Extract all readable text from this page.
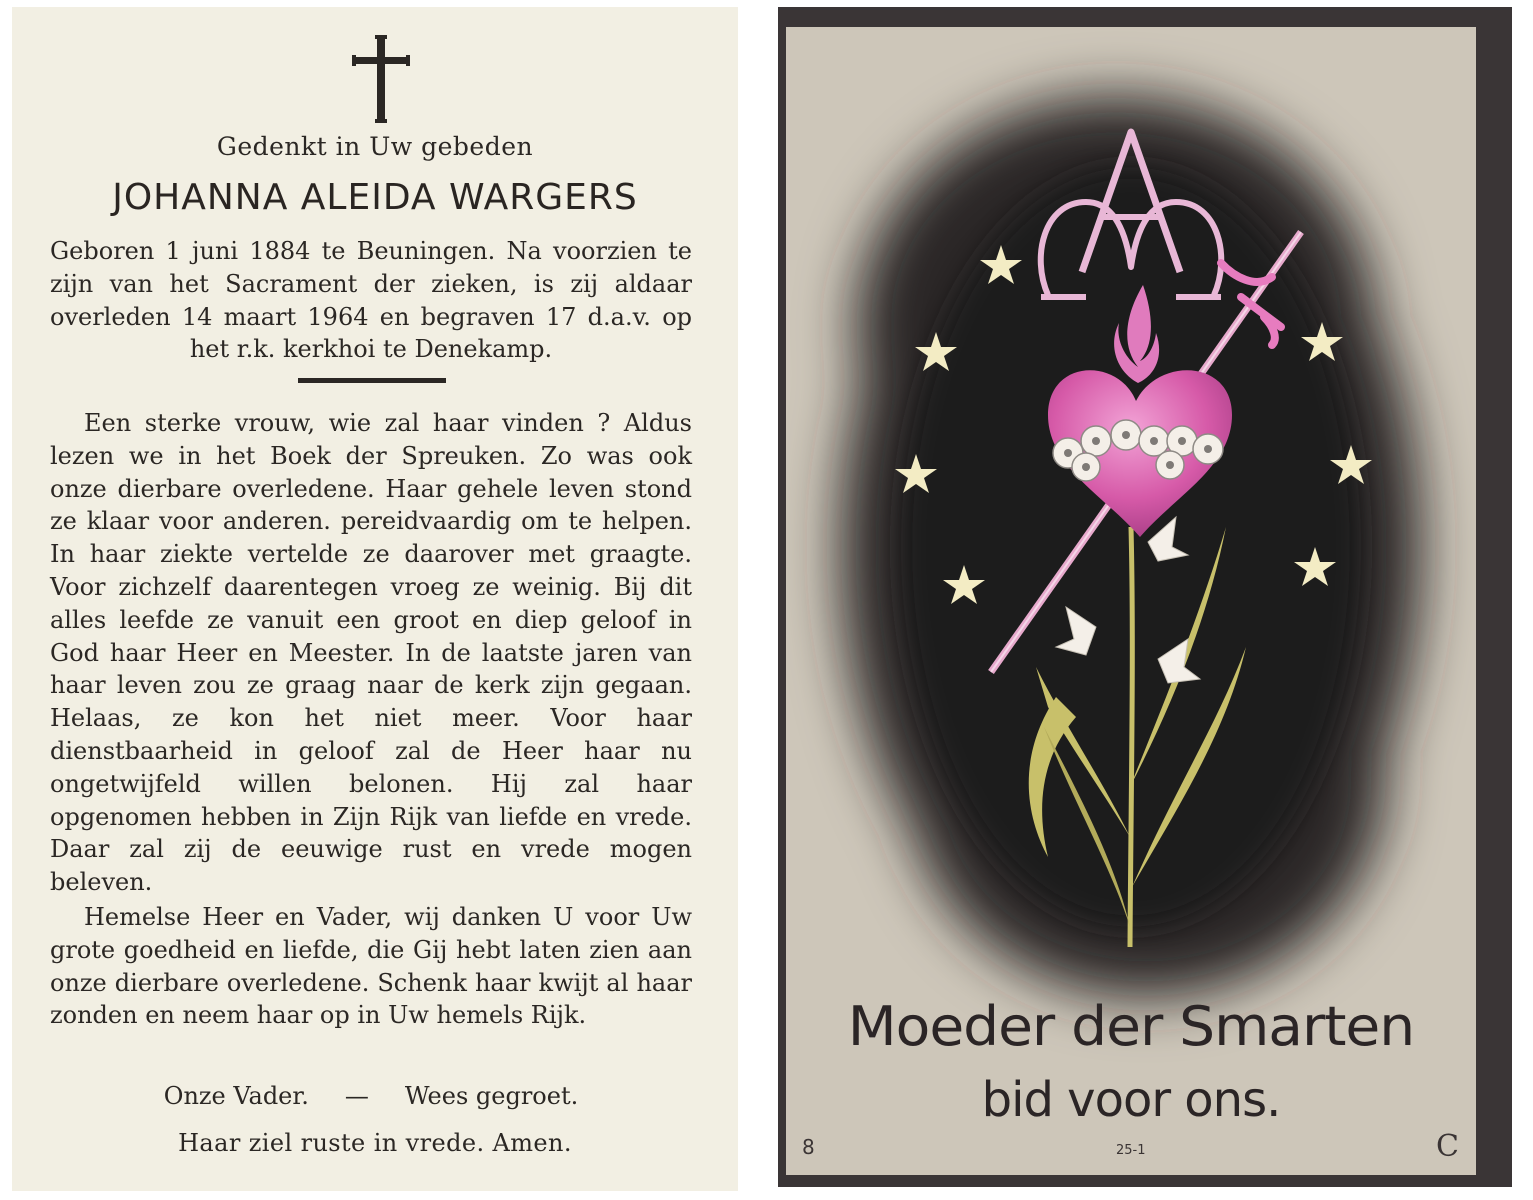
Gedenkt in Uw gebeden
JOHANNA ALEIDA WARGERS

Geboren 1 juni 1884 te Beuningen. Na voorzien te zijn van het Sacrament der zieken, is zij aldaar overleden 14 maart 1964 en begraven 17 d.a.v. op het r.k. kerkhoi te Denekamp.

Een sterke vrouw, wie zal haar vinden ? Aldus lezen we in het Boek der Spreuken. Zo was ook onze dierbare overledene. Haar gehele leven stond ze klaar voor anderen. pereidvaardig om te helpen. In haar ziekte vertelde ze daarover met graagte. Voor zichzelf daarentegen vroeg ze weinig. Bij dit alles leefde ze vanuit een groot en diep geloof in God haar Heer en Meester. In de laatste jaren van haar leven zou ze graag naar de kerk zijn gegaan. Helaas, ze kon het niet meer. Voor haar dienstbaarheid in geloof zal de Heer haar nu ongetwijfeld willen belonen. Hij zal haar opgenomen hebben in Zijn Rijk van liefde en vrede. Daar zal zij de eeuwige rust en vrede mogen beleven.

Hemelse Heer en Vader, wij danken U voor Uw grote goedheid en liefde, die Gij hebt laten zien aan onze dierbare overledene. Schenk haar kwijt al haar zonden en neem haar op in Uw hemels Rijk.

Onze Vader. — Wees gegroet.
Haar ziel ruste in vrede. Amen.
Moeder der Smarten
bid voor ons.
8	25-1	C
